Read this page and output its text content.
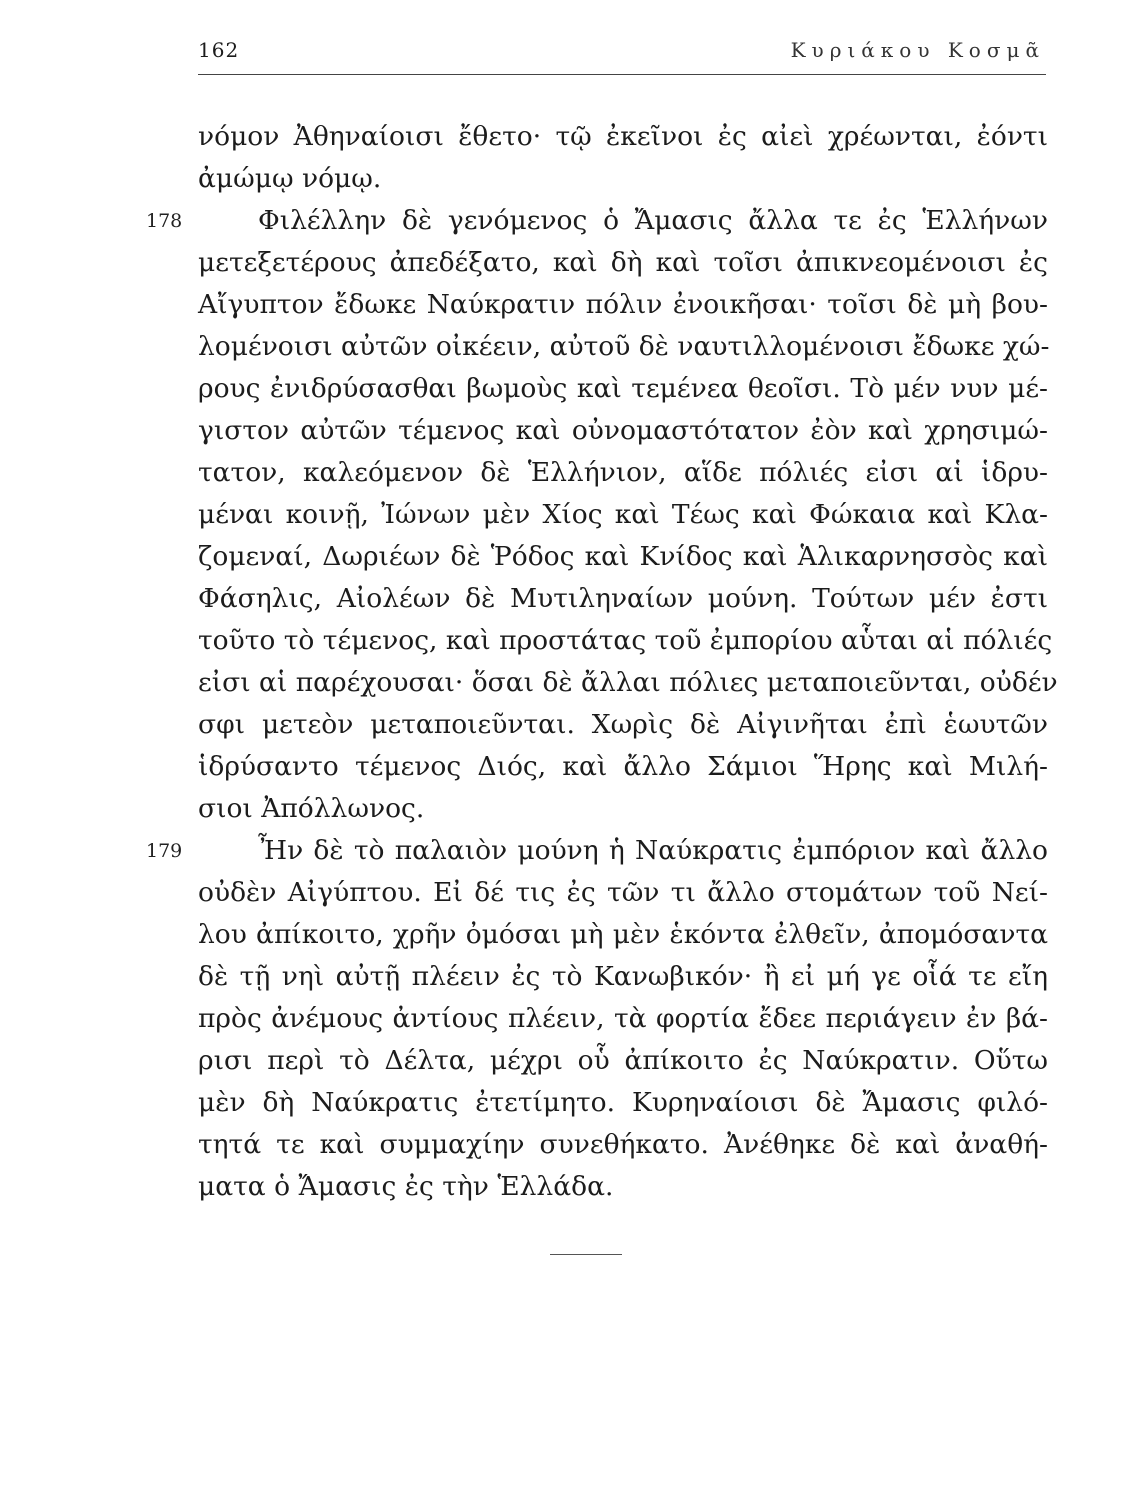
162	Κυριάκου Κοσμᾶ
νόμον Ἀθηναίοισι ἔθετο· τῷ ἐκεῖνοι ἐς αἰεὶ χρέωνται, ἐόντι
ἀμώμῳ νόμῳ.
178	Φιλέλλην δὲ γενόμενος ὁ Ἄμασις ἄλλα τε ἐς Ἑλλήνων
μετεξετέρους ἀπεδέξατο, καὶ δὴ καὶ τοῖσι ἀπικνεομένοισι ἐς
Αἴγυπτον ἔδωκε Ναύκρατιν πόλιν ἐνοικῆσαι· τοῖσι δὲ μὴ βου-
λομένοισι αὐτῶν οἰκέειν, αὐτοῦ δὲ ναυτιλλομένοισι ἔδωκε χώ-
ρους ἐνιδρύσασθαι βωμοὺς καὶ τεμένεα θεοῖσι. Τὸ μέν νυν μέ-
γιστον αὐτῶν τέμενος καὶ οὐνομαστότατον ἐὸν καὶ χρησιμώ-
τατον, καλεόμενον δὲ Ἑλλήνιον, αἵδε πόλιές εἰσι αἱ ἱδρυ-
μέναι κοινῇ, Ἰώνων μὲν Χίος καὶ Τέως καὶ Φώκαια καὶ Κλα-
ζομεναί, Δωριέων δὲ Ῥόδος καὶ Κνίδος καὶ Ἁλικαρνησσὸς καὶ
Φάσηλις, Αἰολέων δὲ Μυτιληναίων μούνη. Τούτων μέν ἐστι
τοῦτο τὸ τέμενος, καὶ προστάτας τοῦ ἐμπορίου αὗται αἱ πόλιές
εἰσι αἱ παρέχουσαι· ὅσαι δὲ ἄλλαι πόλιες μεταποιεῦνται, οὐδέν
σφι μετεὸν μεταποιεῦνται. Χωρὶς δὲ Αἰγινῆται ἐπὶ ἑωυτῶν
ἱδρύσαντο τέμενος Διός, καὶ ἄλλο Σάμιοι Ἥρης καὶ Μιλή-
σιοι Ἀπόλλωνος.
179	Ἦν δὲ τὸ παλαιὸν μούνη ἡ Ναύκρατις ἐμπόριον καὶ ἄλλο
οὐδὲν Αἰγύπτου. Εἰ δέ τις ἐς τῶν τι ἄλλο στομάτων τοῦ Νεί-
λου ἀπίκοιτο, χρῆν ὀμόσαι μὴ μὲν ἑκόντα ἐλθεῖν, ἀπομόσαντα
δὲ τῇ νηὶ αὐτῇ πλέειν ἐς τὸ Κανωβικόν· ἢ εἰ μή γε οἷά τε εἴη
πρὸς ἀνέμους ἀντίους πλέειν, τὰ φορτία ἔδεε περιάγειν ἐν βά-
ρισι περὶ τὸ Δέλτα, μέχρι οὗ ἀπίκοιτο ἐς Ναύκρατιν. Οὕτω
μὲν δὴ Ναύκρατις ἐτετίμητο. Κυρηναίοισι δὲ Ἄμασις φιλό-
τητά τε καὶ συμμαχίην συνεθήκατο. Ἀνέθηκε δὲ καὶ ἀναθή-
ματα ὁ Ἄμασις ἐς τὴν Ἑλλάδα.
